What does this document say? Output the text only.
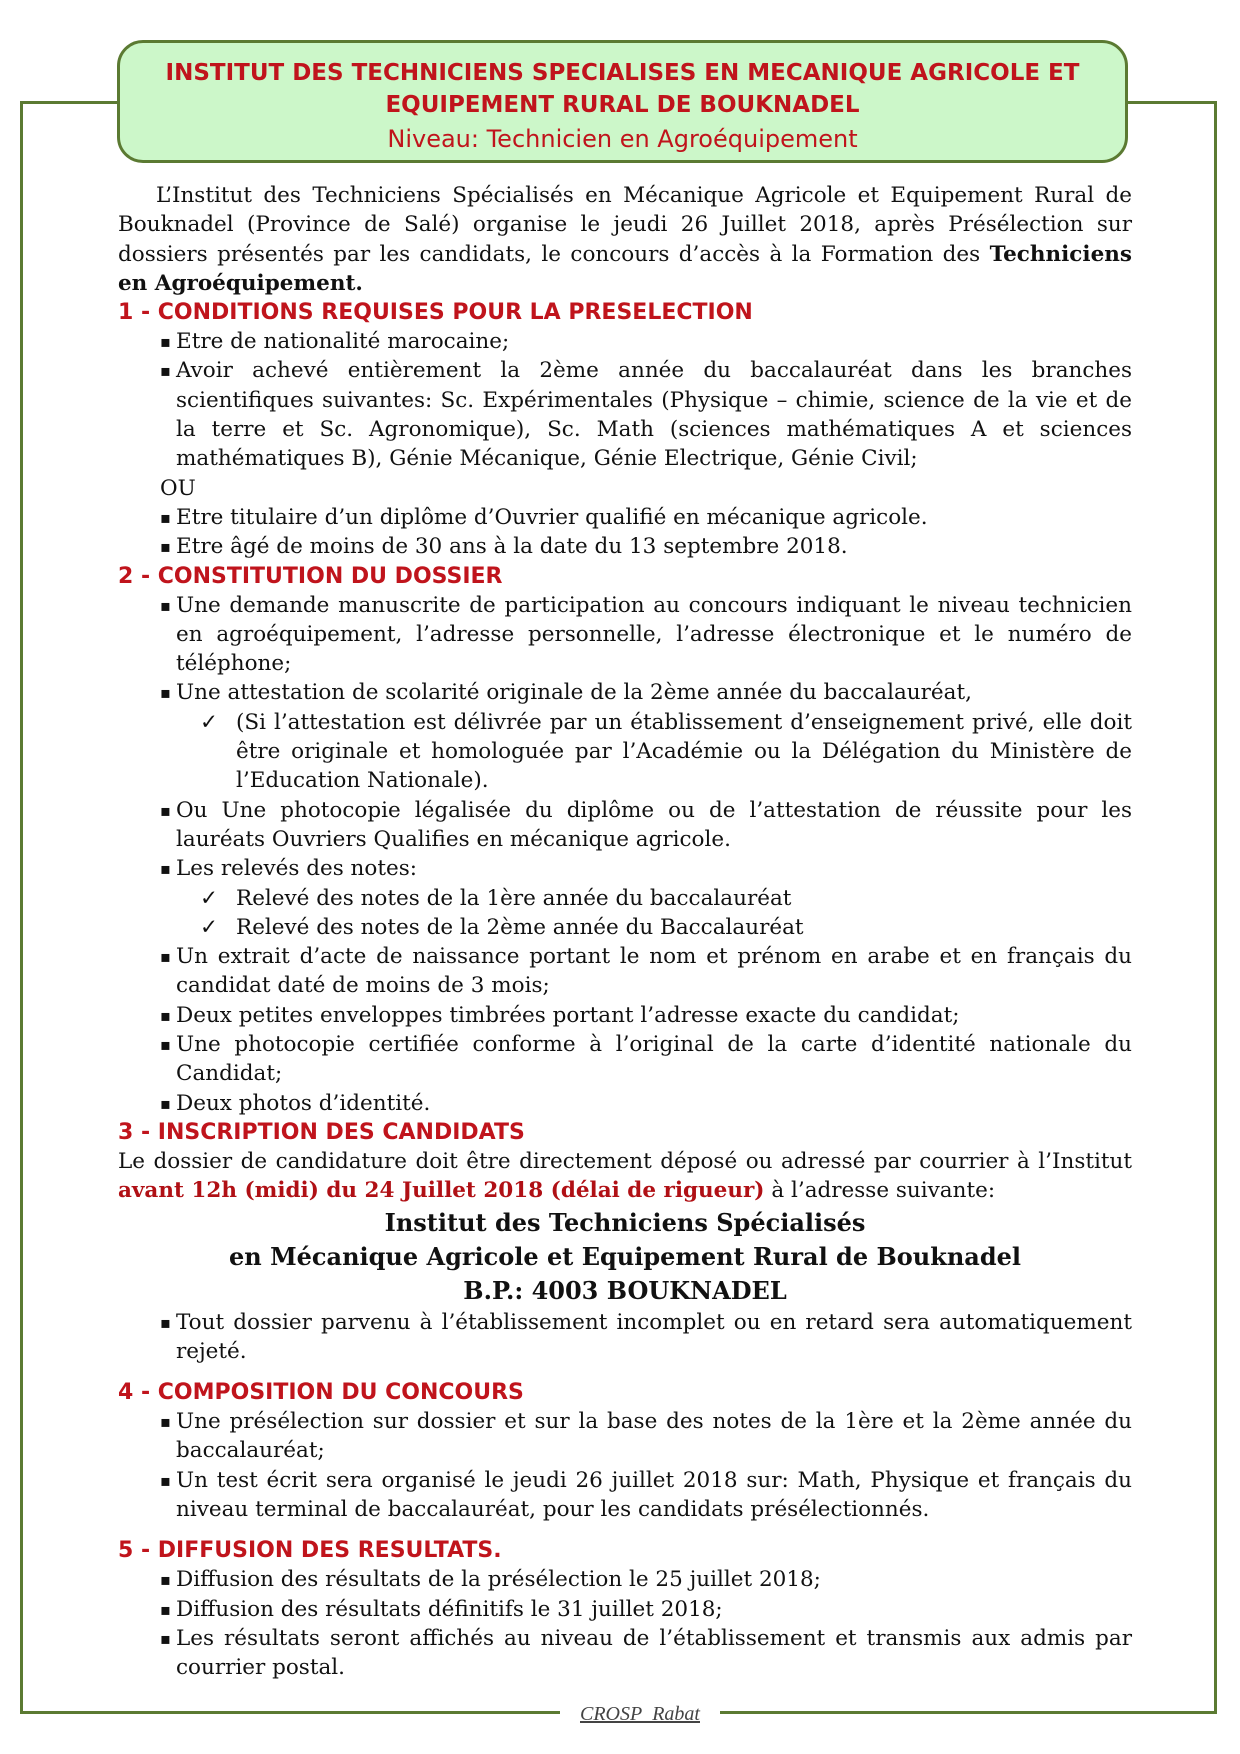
CROSP_Rabat
INSTITUT DES TECHNICIENS SPECIALISES EN MECANIQUE AGRICOLE ET
EQUIPEMENT RURAL DE BOUKNADEL
Niveau: Technicien en Agroéquipement
L’Institut des Techniciens Spécialisés en Mécanique Agricole et Equipement Rural de Bouknadel (Province de Salé) organise le jeudi 26 Juillet 2018, après Présélection sur dossiers présentés par les candidats, le concours d’accès à la Formation des Techniciens en Agroéquipement.
1 - CONDITIONS REQUISES POUR LA PRESELECTION
▪ Etre de nationalité marocaine;
▪ Avoir achevé entièrement la 2ème année du baccalauréat dans les branches scientifiques suivantes: Sc. Expérimentales (Physique – chimie, science de la vie et de la terre et Sc. Agronomique), Sc. Math (sciences mathématiques A et sciences mathématiques B), Génie Mécanique, Génie Electrique, Génie Civil;
OU
▪ Etre titulaire d’un diplôme d’Ouvrier qualifié en mécanique agricole.
▪ Etre âgé de moins de 30 ans à la date du 13 septembre 2018.
2 - CONSTITUTION DU DOSSIER
▪ Une demande manuscrite de participation au concours indiquant le niveau technicien en agroéquipement, l’adresse personnelle, l’adresse électronique et le numéro de téléphone;
▪ Une attestation de scolarité originale de la 2ème année du baccalauréat,
✓ (Si l’attestation est délivrée par un établissement d’enseignement privé, elle doit être originale et homologuée par l’Académie ou la Délégation du Ministère de l’Education Nationale).
▪ Ou Une photocopie légalisée du diplôme ou de l’attestation de réussite pour les lauréats Ouvriers Qualifies en mécanique agricole.
▪ Les relevés des notes:
✓ Relevé des notes de la 1ère année du baccalauréat
✓ Relevé des notes de la 2ème année du Baccalauréat
▪ Un extrait d’acte de naissance portant le nom et prénom en arabe et en français du candidat daté de moins de 3 mois;
▪ Deux petites enveloppes timbrées portant l’adresse exacte du candidat;
▪ Une photocopie certifiée conforme à l’original de la carte d’identité nationale du Candidat;
▪ Deux photos d’identité.
3 - INSCRIPTION DES CANDIDATS
Le dossier de candidature doit être directement déposé ou adressé par courrier à l’Institut avant 12h (midi) du 24 Juillet 2018 (délai de rigueur) à l’adresse suivante:
Institut des Techniciens Spécialisés
en Mécanique Agricole et Equipement Rural de Bouknadel
B.P.: 4003 BOUKNADEL
▪ Tout dossier parvenu à l’établissement incomplet ou en retard sera automatiquement rejeté.
4 - COMPOSITION DU CONCOURS
▪ Une présélection sur dossier et sur la base des notes de la 1ère et la 2ème année du baccalauréat;
▪ Un test écrit sera organisé le jeudi 26 juillet 2018 sur: Math, Physique et français du niveau terminal de baccalauréat, pour les candidats présélectionnés.
5 - DIFFUSION DES RESULTATS.
▪ Diffusion des résultats de la présélection le 25 juillet 2018;
▪ Diffusion des résultats définitifs le 31 juillet 2018;
▪ Les résultats seront affichés au niveau de l’établissement et transmis aux admis par courrier postal.
